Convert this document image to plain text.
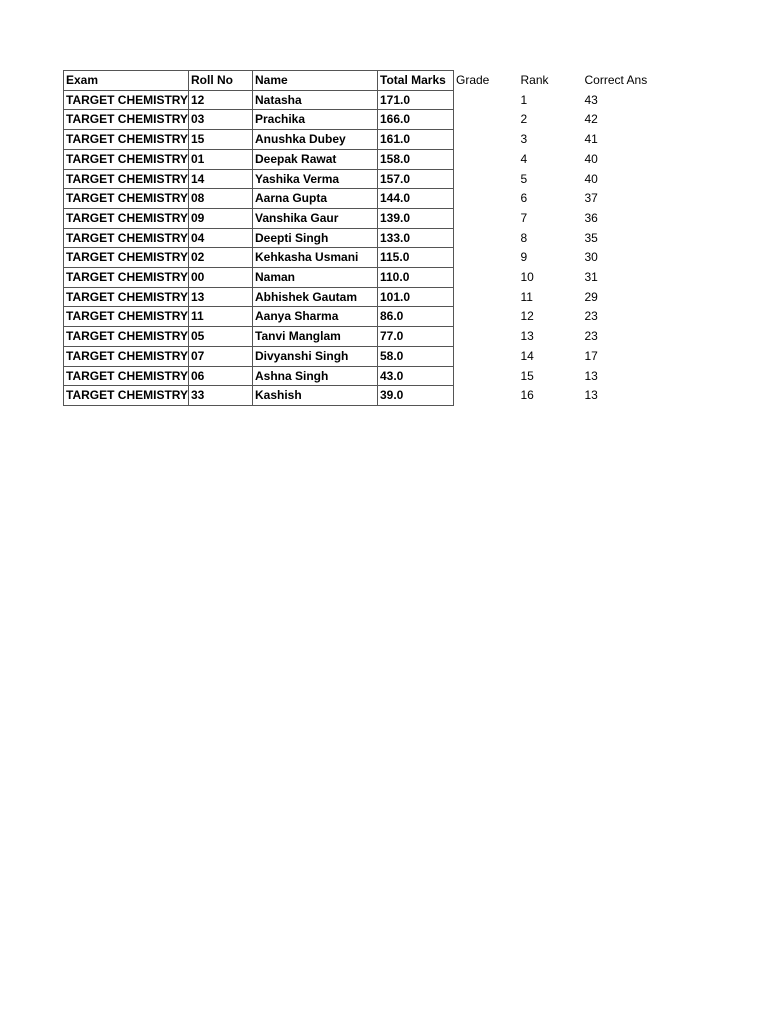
Exam	Roll No	Name	Total Marks	Grade	Rank	Correct Ans
TARGET CHEMISTRY	12	Natasha	171.0		1	43
TARGET CHEMISTRY	03	Prachika	166.0		2	42
TARGET CHEMISTRY	15	Anushka Dubey	161.0		3	41
TARGET CHEMISTRY	01	Deepak Rawat	158.0		4	40
TARGET CHEMISTRY	14	Yashika Verma	157.0		5	40
TARGET CHEMISTRY	08	Aarna Gupta	144.0		6	37
TARGET CHEMISTRY	09	Vanshika Gaur	139.0		7	36
TARGET CHEMISTRY	04	Deepti Singh	133.0		8	35
TARGET CHEMISTRY	02	Kehkasha Usmani	115.0		9	30
TARGET CHEMISTRY	00	Naman	110.0		10	31
TARGET CHEMISTRY	13	Abhishek Gautam	101.0		11	29
TARGET CHEMISTRY	11	Aanya Sharma	86.0		12	23
TARGET CHEMISTRY	05	Tanvi Manglam	77.0		13	23
TARGET CHEMISTRY	07	Divyanshi Singh	58.0		14	17
TARGET CHEMISTRY	06	Ashna Singh	43.0		15	13
TARGET CHEMISTRY	33	Kashish	39.0		16	13
